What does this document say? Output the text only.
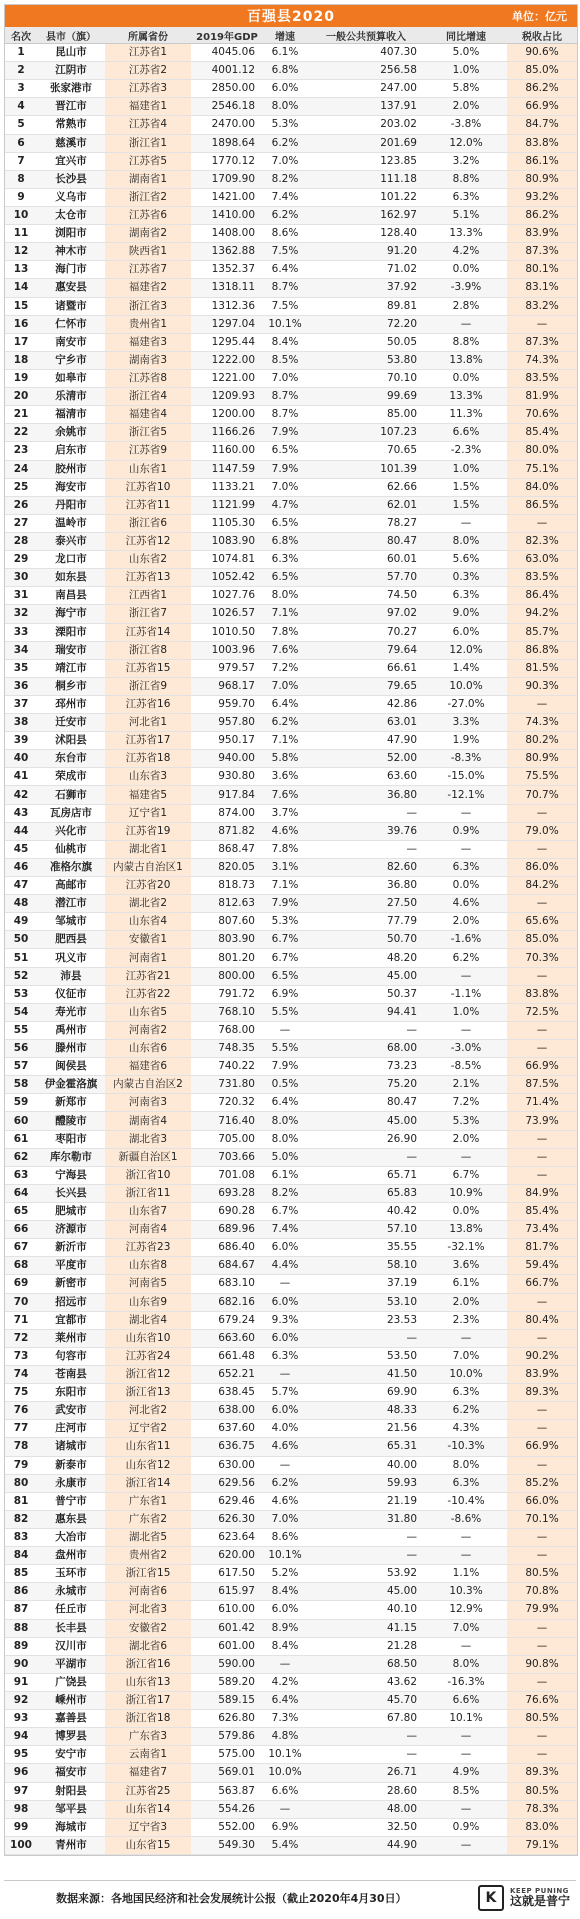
百强县2020	单位：亿元
名次	县市（旗）	所属省份	2019年GDP	增速	一般公共预算收入	同比增速	税收占比
1	昆山市	江苏省1	4045.06	6.1%	407.30	5.0%	90.6%
2	江阴市	江苏省2	4001.12	6.8%	256.58	1.0%	85.0%
3	张家港市	江苏省3	2850.00	6.0%	247.00	5.8%	86.2%
4	晋江市	福建省1	2546.18	8.0%	137.91	2.0%	66.9%
5	常熟市	江苏省4	2470.00	5.3%	203.02	-3.8%	84.7%
6	慈溪市	浙江省1	1898.64	6.2%	201.69	12.0%	83.8%
7	宜兴市	江苏省5	1770.12	7.0%	123.85	3.2%	86.1%
8	长沙县	湖南省1	1709.90	8.2%	111.18	8.8%	80.9%
9	义乌市	浙江省2	1421.00	7.4%	101.22	6.3%	93.2%
10	太仓市	江苏省6	1410.00	6.2%	162.97	5.1%	86.2%
11	浏阳市	湖南省2	1408.00	8.6%	128.40	13.3%	83.9%
12	神木市	陕西省1	1362.88	7.5%	91.20	4.2%	87.3%
13	海门市	江苏省7	1352.37	6.4%	71.02	0.0%	80.1%
14	惠安县	福建省2	1318.11	8.7%	37.92	-3.9%	83.1%
15	诸暨市	浙江省3	1312.36	7.5%	89.81	2.8%	83.2%
16	仁怀市	贵州省1	1297.04	10.1%	72.20	—	—
17	南安市	福建省3	1295.44	8.4%	50.05	8.8%	87.3%
18	宁乡市	湖南省3	1222.00	8.5%	53.80	13.8%	74.3%
19	如皋市	江苏省8	1221.00	7.0%	70.10	0.0%	83.5%
20	乐清市	浙江省4	1209.93	8.7%	99.69	13.3%	81.9%
21	福清市	福建省4	1200.00	8.7%	85.00	11.3%	70.6%
22	余姚市	浙江省5	1166.26	7.9%	107.23	6.6%	85.4%
23	启东市	江苏省9	1160.00	6.5%	70.65	-2.3%	80.0%
24	胶州市	山东省1	1147.59	7.9%	101.39	1.0%	75.1%
25	海安市	江苏省10	1133.21	7.0%	62.66	1.5%	84.0%
26	丹阳市	江苏省11	1121.99	4.7%	62.01	1.5%	86.5%
27	温岭市	浙江省6	1105.30	6.5%	78.27	—	—
28	泰兴市	江苏省12	1083.90	6.8%	80.47	8.0%	82.3%
29	龙口市	山东省2	1074.81	6.3%	60.01	5.6%	63.0%
30	如东县	江苏省13	1052.42	6.5%	57.70	0.3%	83.5%
31	南昌县	江西省1	1027.76	8.0%	74.50	6.3%	86.4%
32	海宁市	浙江省7	1026.57	7.1%	97.02	9.0%	94.2%
33	溧阳市	江苏省14	1010.50	7.8%	70.27	6.0%	85.7%
34	瑞安市	浙江省8	1003.96	7.6%	79.64	12.0%	86.8%
35	靖江市	江苏省15	979.57	7.2%	66.61	1.4%	81.5%
36	桐乡市	浙江省9	968.17	7.0%	79.65	10.0%	90.3%
37	邳州市	江苏省16	959.70	6.4%	42.86	-27.0%	—
38	迁安市	河北省1	957.80	6.2%	63.01	3.3%	74.3%
39	沭阳县	江苏省17	950.17	7.1%	47.90	1.9%	80.2%
40	东台市	江苏省18	940.00	5.8%	52.00	-8.3%	80.9%
41	荣成市	山东省3	930.80	3.6%	63.60	-15.0%	75.5%
42	石狮市	福建省5	917.84	7.6%	36.80	-12.1%	70.7%
43	瓦房店市	辽宁省1	874.00	3.7%	—	—	—
44	兴化市	江苏省19	871.82	4.6%	39.76	0.9%	79.0%
45	仙桃市	湖北省1	868.47	7.8%	—	—	—
46	准格尔旗	内蒙古自治区1	820.05	3.1%	82.60	6.3%	86.0%
47	高邮市	江苏省20	818.73	7.1%	36.80	0.0%	84.2%
48	潜江市	湖北省2	812.63	7.9%	27.50	4.6%	—
49	邹城市	山东省4	807.60	5.3%	77.79	2.0%	65.6%
50	肥西县	安徽省1	803.90	6.7%	50.70	-1.6%	85.0%
51	巩义市	河南省1	801.20	6.7%	48.20	6.2%	70.3%
52	沛县	江苏省21	800.00	6.5%	45.00	—	—
53	仪征市	江苏省22	791.72	6.9%	50.37	-1.1%	83.8%
54	寿光市	山东省5	768.10	5.5%	94.41	1.0%	72.5%
55	禹州市	河南省2	768.00	—	—	—	—
56	滕州市	山东省6	748.35	5.5%	68.00	-3.0%	—
57	闽侯县	福建省6	740.22	7.9%	73.23	-8.5%	66.9%
58	伊金霍洛旗	内蒙古自治区2	731.80	0.5%	75.20	2.1%	87.5%
59	新郑市	河南省3	720.32	6.4%	80.47	7.2%	71.4%
60	醴陵市	湖南省4	716.40	8.0%	45.00	5.3%	73.9%
61	枣阳市	湖北省3	705.00	8.0%	26.90	2.0%	—
62	库尔勒市	新疆自治区1	703.66	5.0%	—	—	—
63	宁海县	浙江省10	701.08	6.1%	65.71	6.7%	—
64	长兴县	浙江省11	693.28	8.2%	65.83	10.9%	84.9%
65	肥城市	山东省7	690.28	6.7%	40.42	0.0%	85.4%
66	济源市	河南省4	689.96	7.4%	57.10	13.8%	73.4%
67	新沂市	江苏省23	686.40	6.0%	35.55	-32.1%	81.7%
68	平度市	山东省8	684.67	4.4%	58.10	3.6%	59.4%
69	新密市	河南省5	683.10	—	37.19	6.1%	66.7%
70	招远市	山东省9	682.16	6.0%	53.10	2.0%	—
71	宜都市	湖北省4	679.24	9.3%	23.53	2.3%	80.4%
72	莱州市	山东省10	663.60	6.0%	—	—	—
73	句容市	江苏省24	661.48	6.3%	53.50	7.0%	90.2%
74	苍南县	浙江省12	652.21	—	41.50	10.0%	83.9%
75	东阳市	浙江省13	638.45	5.7%	69.90	6.3%	89.3%
76	武安市	河北省2	638.00	6.0%	48.33	6.2%	—
77	庄河市	辽宁省2	637.60	4.0%	21.56	4.3%	—
78	诸城市	山东省11	636.75	4.6%	65.31	-10.3%	66.9%
79	新泰市	山东省12	630.00	—	40.00	8.0%	—
80	永康市	浙江省14	629.56	6.2%	59.93	6.3%	85.2%
81	普宁市	广东省1	629.46	4.6%	21.19	-10.4%	66.0%
82	惠东县	广东省2	626.30	7.0%	31.80	-8.6%	70.1%
83	大冶市	湖北省5	623.64	8.6%	—	—	—
84	盘州市	贵州省2	620.00	10.1%	—	—	—
85	玉环市	浙江省15	617.50	5.2%	53.92	1.1%	80.5%
86	永城市	河南省6	615.97	8.4%	45.00	10.3%	70.8%
87	任丘市	河北省3	610.00	6.0%	40.10	12.9%	79.9%
88	长丰县	安徽省2	601.42	8.9%	41.15	7.0%	—
89	汉川市	湖北省6	601.00	8.4%	21.28	—	—
90	平湖市	浙江省16	590.00	—	68.50	8.0%	90.8%
91	广饶县	山东省13	589.20	4.2%	43.62	-16.3%	—
92	嵊州市	浙江省17	589.15	6.4%	45.70	6.6%	76.6%
93	嘉善县	浙江省18	626.80	7.3%	67.80	10.1%	80.5%
94	博罗县	广东省3	579.86	4.8%	—	—	—
95	安宁市	云南省1	575.00	10.1%	—	—	—
96	福安市	福建省7	569.01	10.0%	26.71	4.9%	89.3%
97	射阳县	江苏省25	563.87	6.6%	28.60	8.5%	80.5%
98	邹平县	山东省14	554.26	—	48.00	—	78.3%
99	海城市	辽宁省3	552.00	6.9%	32.50	0.9%	83.0%
100	青州市	山东省15	549.30	5.4%	44.90	—	79.1%
数据来源：各地国民经济和社会发展统计公报（截止2020年4月30日）	K	KEEP PUNING
这就是普宁
